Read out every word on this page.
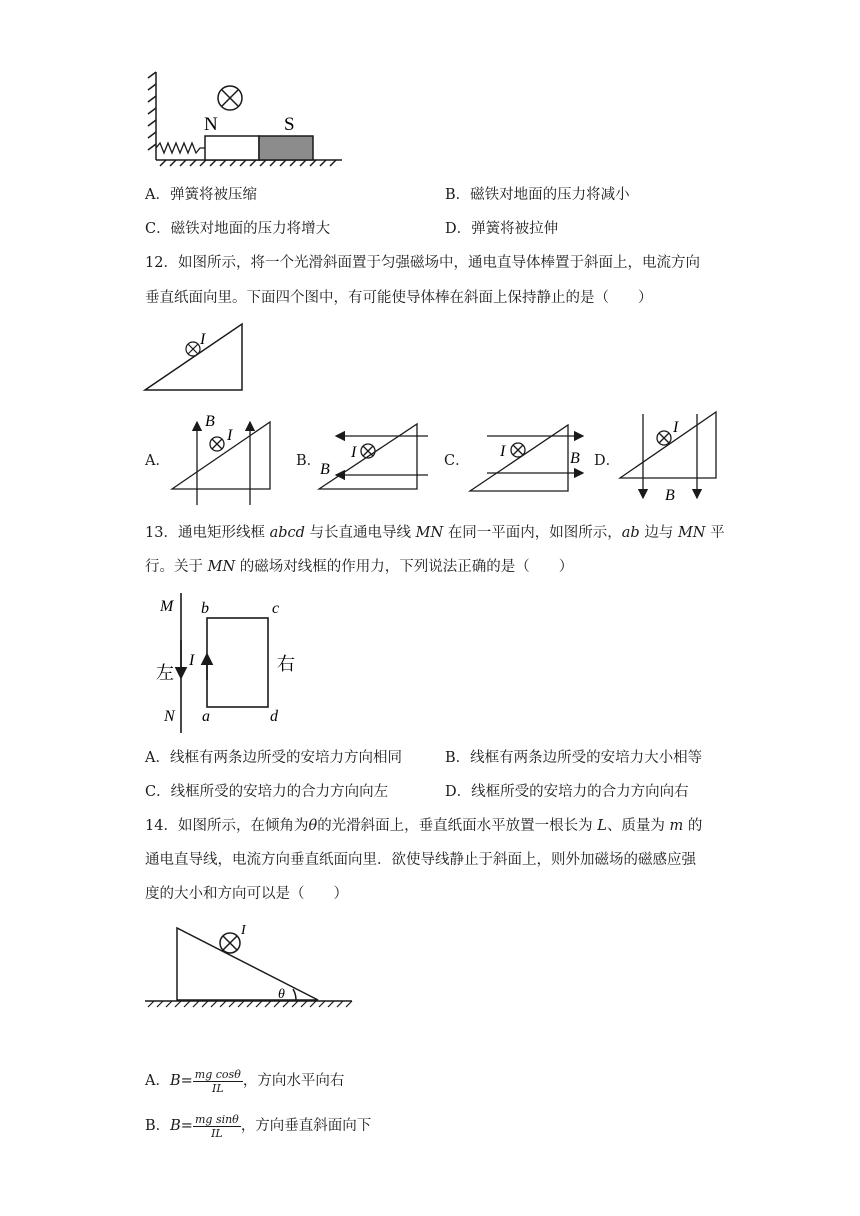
N	S
A．弹簧将被压缩	B．磁铁对地面的压力将减小
C．磁铁对地面的压力将增大	D．弹簧将被拉伸
12．如图所示，将一个光滑斜面置于匀强磁场中，通电直导体棒置于斜面上，电流方向
垂直纸面向里。下面四个图中，有可能使导体棒在斜面上保持静止的是（　　）
I
A．	B．	C．	D．
B
I
I
B
I	B
I
B
13．通电矩形线框 abcd 与长直通电导线 MN 在同一平面内，如图所示，ab 边与 MN 平
行。关于 MN 的磁场对线框的作用力，下列说法正确的是（　　）
M
N
b	c
a	d
I
左	右
A．线框有两条边所受的安培力方向相同	B．线框有两条边所受的安培力大小相等
C．线框所受的安培力的合力方向向左	D．线框所受的安培力的合力方向向右
14．如图所示，在倾角为θ的光滑斜面上，垂直纸面水平放置一根长为 L、质量为 m 的
通电直导线，电流方向垂直纸面向里．欲使导线静止于斜面上，则外加磁场的磁感应强
度的大小和方向可以是（　　）
I
θ
A．$B= \frac{\text{mg cosθ}}{IL}$ ，方向水平向右
B．$B= \frac{\text{mg sinθ}}{IL}$ ，方向垂直斜面向下
